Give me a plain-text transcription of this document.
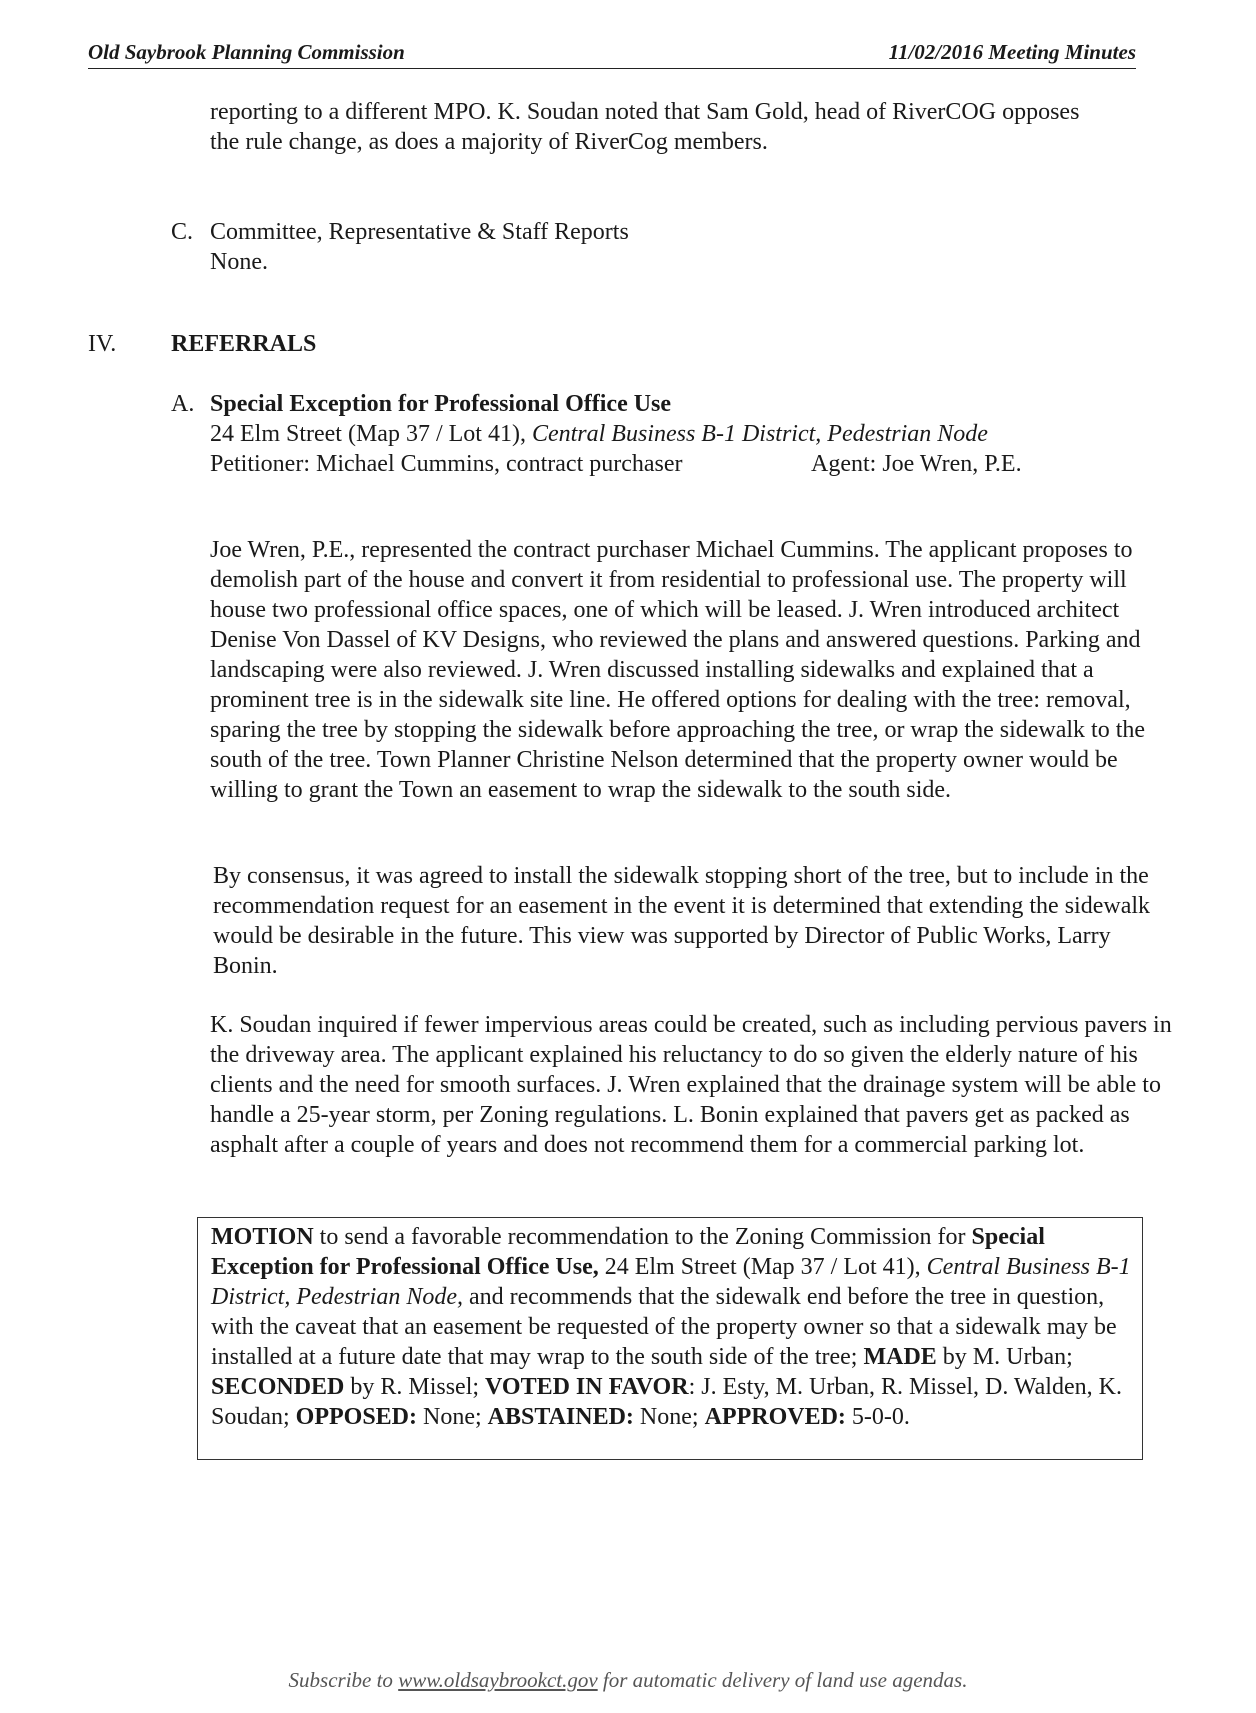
Old Saybrook Planning Commission	11/02/2016 Meeting Minutes
reporting to a different MPO. K. Soudan noted that Sam Gold, head of RiverCOG opposes the rule change, as does a majority of RiverCog members.
C. Committee, Representative & Staff Reports
None.
IV. REFERRALS
A. Special Exception for Professional Office Use
24 Elm Street (Map 37 / Lot 41), Central Business B-1 District, Pedestrian Node
Petitioner: Michael Cummins, contract purchaser	Agent: Joe Wren, P.E.
Joe Wren, P.E., represented the contract purchaser Michael Cummins. The applicant proposes to demolish part of the house and convert it from residential to professional use. The property will house two professional office spaces, one of which will be leased. J. Wren introduced architect Denise Von Dassel of KV Designs, who reviewed the plans and answered questions. Parking and landscaping were also reviewed. J. Wren discussed installing sidewalks and explained that a prominent tree is in the sidewalk site line. He offered options for dealing with the tree: removal, sparing the tree by stopping the sidewalk before approaching the tree, or wrap the sidewalk to the south of the tree. Town Planner Christine Nelson determined that the property owner would be willing to grant the Town an easement to wrap the sidewalk to the south side.
By consensus, it was agreed to install the sidewalk stopping short of the tree, but to include in the recommendation request for an easement in the event it is determined that extending the sidewalk would be desirable in the future. This view was supported by Director of Public Works, Larry Bonin.
K. Soudan inquired if fewer impervious areas could be created, such as including pervious pavers in the driveway area. The applicant explained his reluctancy to do so given the elderly nature of his clients and the need for smooth surfaces. J. Wren explained that the drainage system will be able to handle a 25-year storm, per Zoning regulations. L. Bonin explained that pavers get as packed as asphalt after a couple of years and does not recommend them for a commercial parking lot.
MOTION to send a favorable recommendation to the Zoning Commission for Special Exception for Professional Office Use, 24 Elm Street (Map 37 / Lot 41), Central Business B-1 District, Pedestrian Node, and recommends that the sidewalk end before the tree in question, with the caveat that an easement be requested of the property owner so that a sidewalk may be installed at a future date that may wrap to the south side of the tree; MADE by M. Urban; SECONDED by R. Missel; VOTED IN FAVOR: J. Esty, M. Urban, R. Missel, D. Walden, K. Soudan; OPPOSED: None; ABSTAINED: None; APPROVED: 5-0-0.
Subscribe to www.oldsaybrookct.gov for automatic delivery of land use agendas.
